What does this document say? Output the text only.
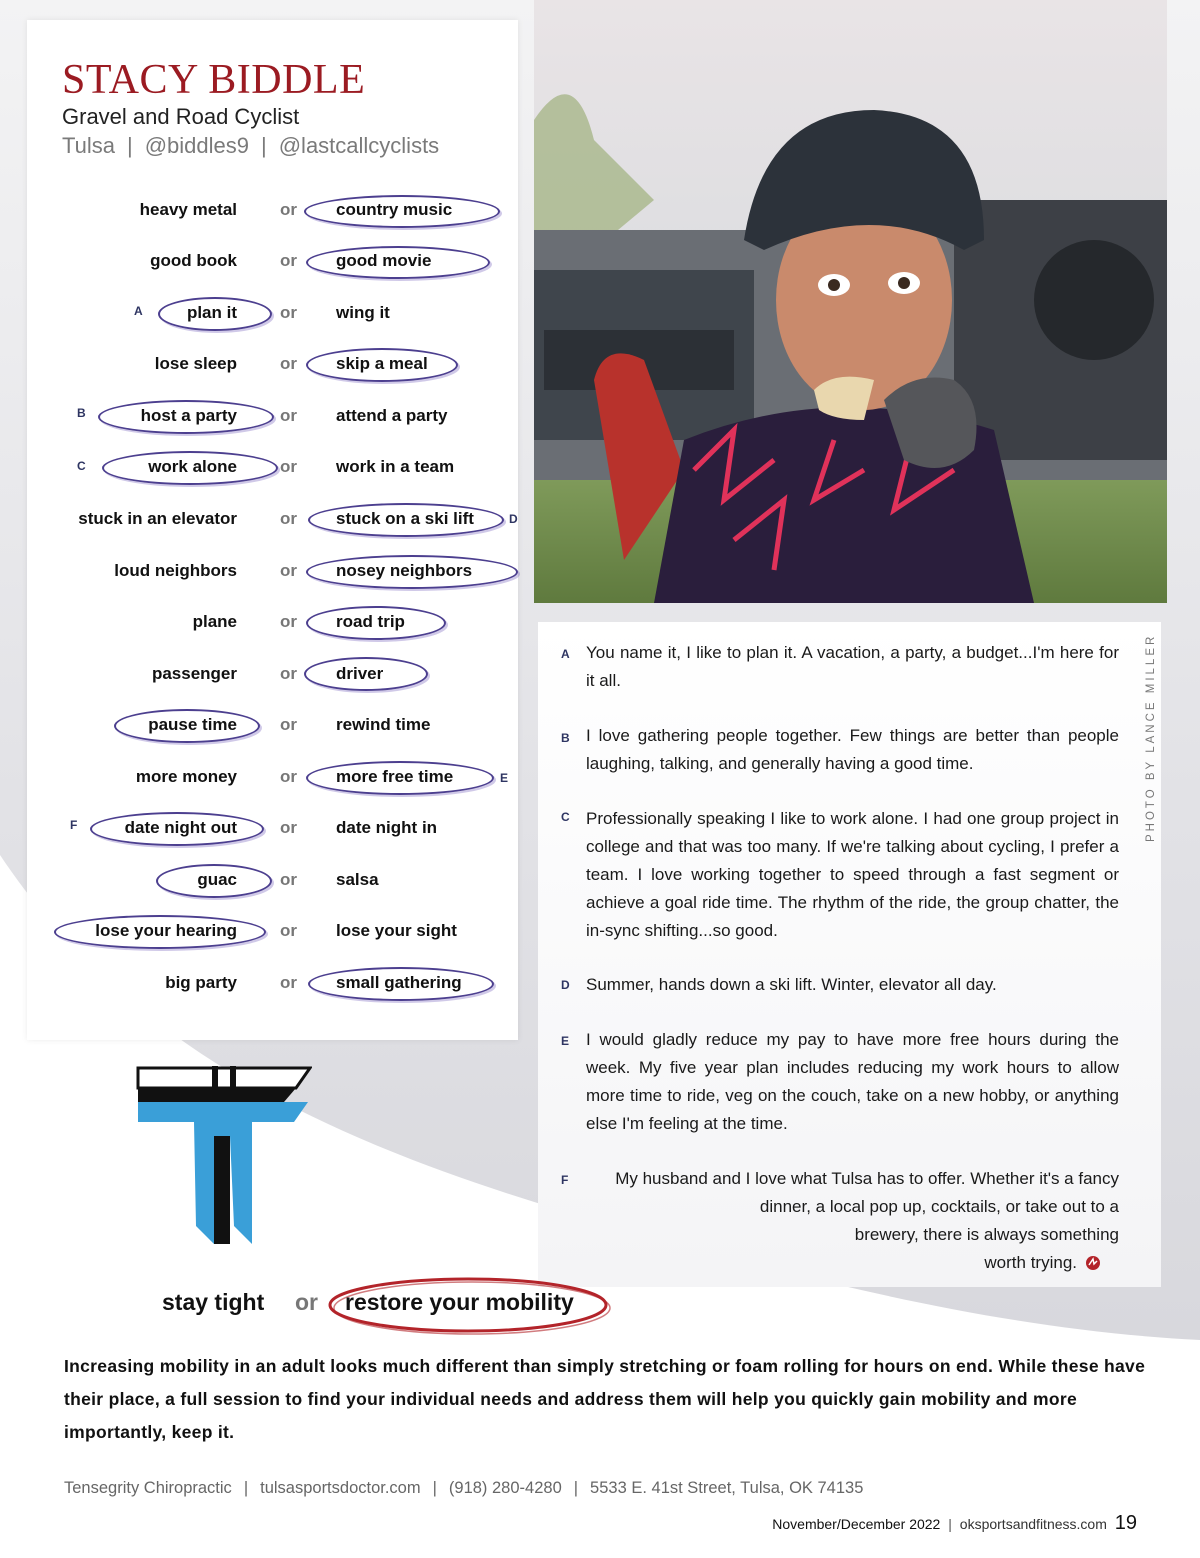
STACY BIDDLE
Gravel and Road Cyclist
Tulsa | @biddles9 | @lastcallcyclists
heavy metal	or country music
good book	or good movie
A	plan it	or wing it
lose sleep	or skip a meal
B	host a party	or attend a party
C	work alone	or work in a team
stuck in an elevator	or stuck on a ski lift	D
loud neighbors	or nosey neighbors
plane	or road trip
passenger	or driver
pause time	or rewind time
more money	or more free time	E
F	date night out	or date night in
guac	or salsa
lose your hearing	or lose your sight
big party	or small gathering
A You name it, I like to plan it. A vacation, a party, a budget...I'm here for it all.
B I love gathering people together. Few things are better than people laughing, talking, and generally having a good time.
C Professionally speaking I like to work alone. I had one group project in college and that was too many. If we're talking about cycling, I prefer a team. I love working together to speed through a fast segment or achieve a goal ride time. The rhythm of the ride, the group chatter, the in-sync shifting...so good.
D Summer, hands down a ski lift. Winter, elevator all day.
E I would gladly reduce my pay to have more free hours during the week. My five year plan includes reducing my work hours to allow more time to ride, veg on the couch, take on a new hobby, or anything else I'm feeling at the time.
F	My husband and I love what Tulsa has to offer. Whether it's a fancy
dinner, a local pop up, cocktails, or take out to a
brewery, there is always something
worth trying.
PHOTO BY LANCE MILLER
stay tight or restore your mobility
Increasing mobility in an adult looks much different than simply stretching or foam rolling for hours on end. While these have their place, a full session to find your individual needs and address them will help you quickly gain mobility and more importantly, keep it.
Tensegrity Chiropractic | tulsasportsdoctor.com | (918) 280-4280 | 5533 E. 41st Street, Tulsa, OK 74135
November/December 2022 | oksportsandfitness.com 19
